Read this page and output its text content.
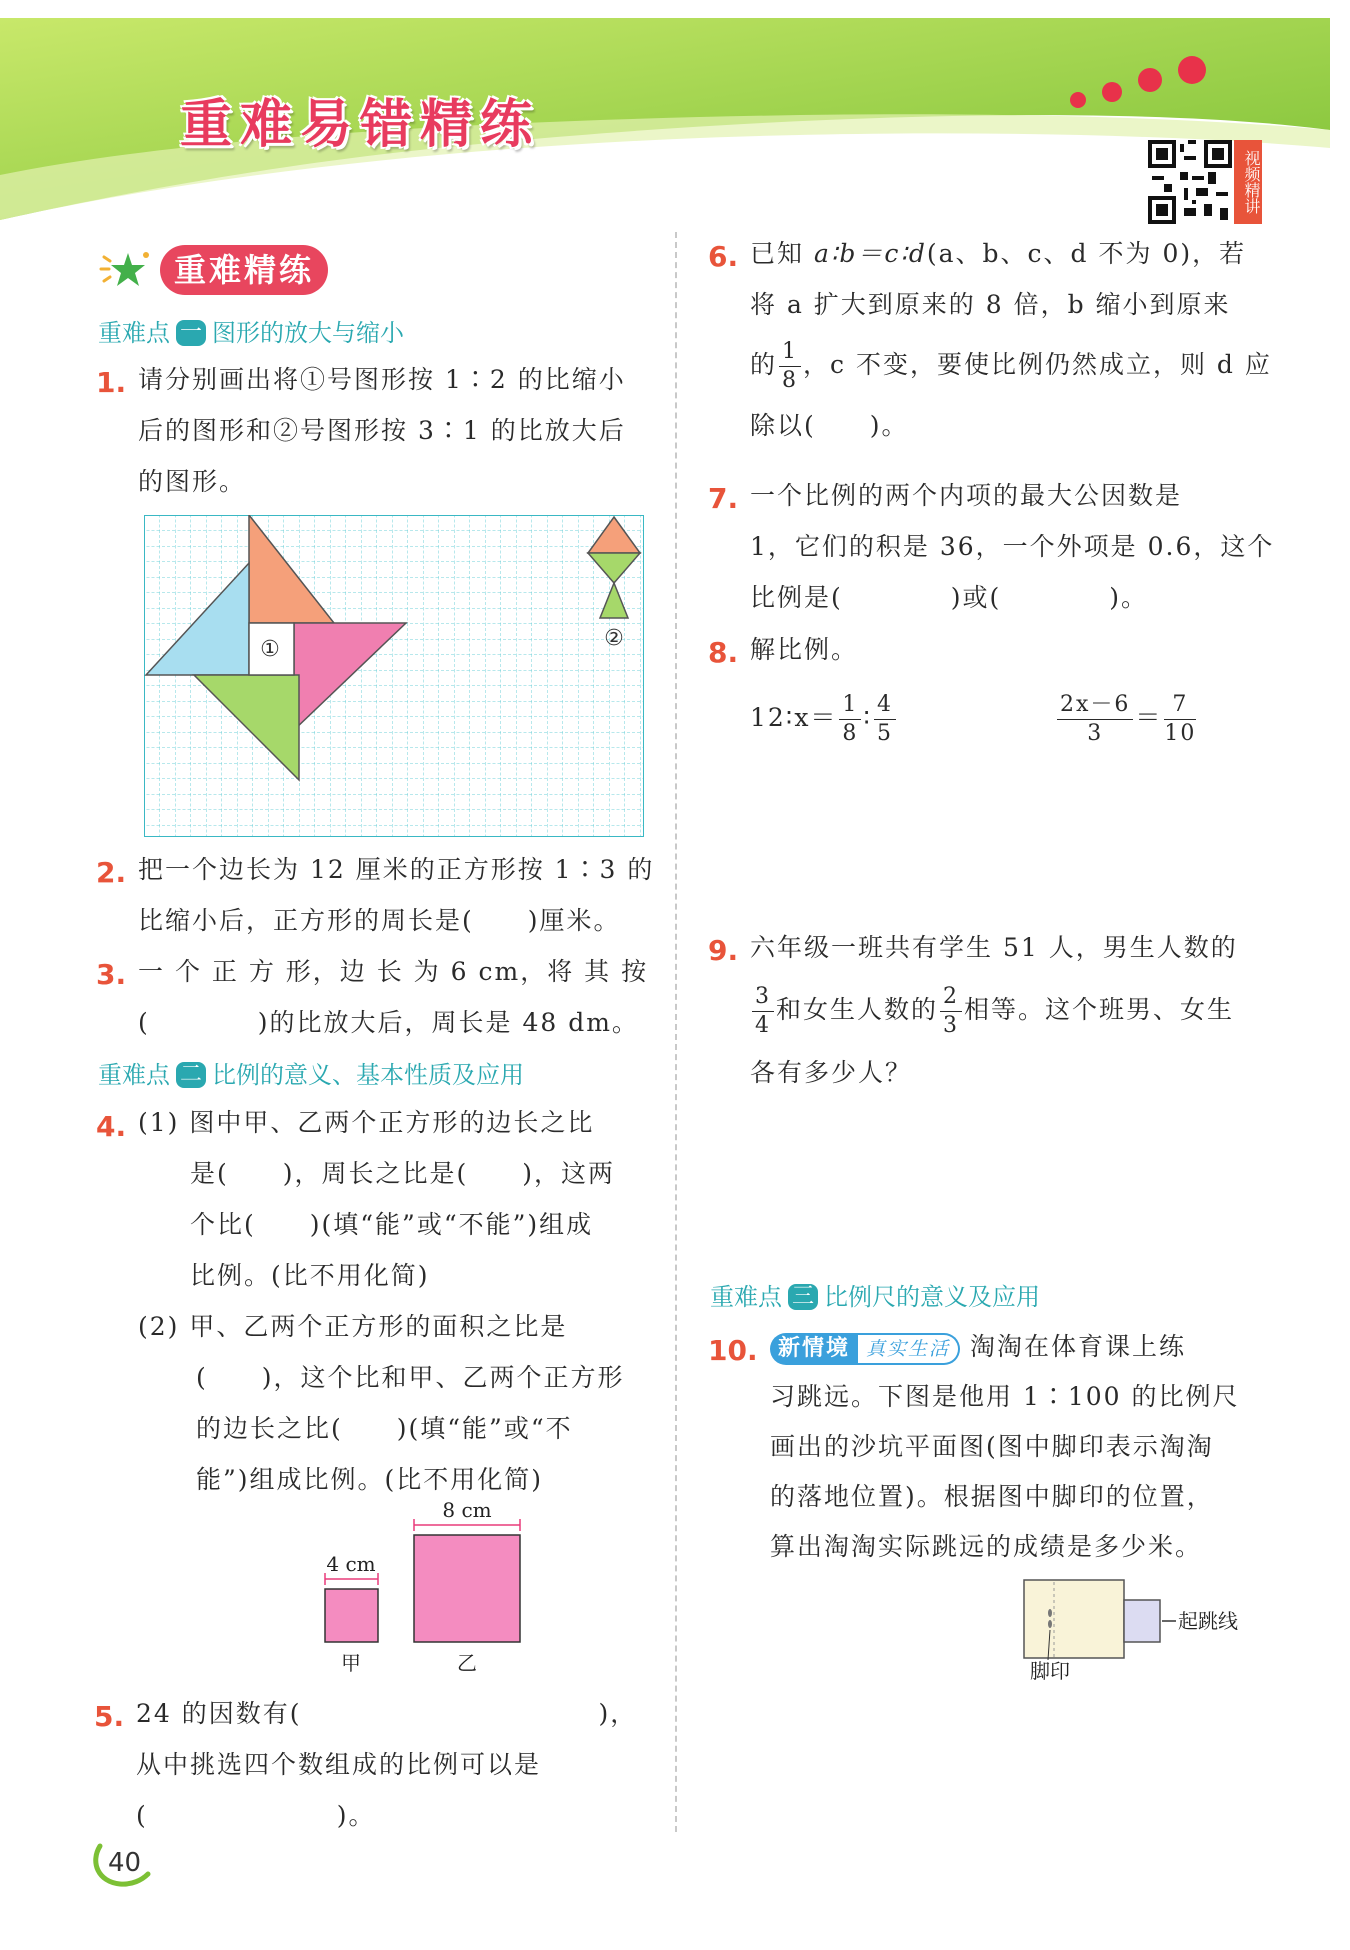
重难易错精练
视频精讲
重难精练
重难点 一 图形的放大与缩小
1. 请分别画出将①号图形按 1∶2 的比缩小
后的图形和②号图形按 3∶1 的比放大后
的图形。
①	②
2. 把一个边长为 12 厘米的正方形按 1∶3 的
比缩小后，正方形的周长是(　　)厘米。
3. 一 个 正 方 形，边 长 为 6 cm，将 其 按
(　　　　)的比放大后，周长是 48 dm。
重难点 二 比例的意义、基本性质及应用
4. (1) 图中甲、乙两个正方形的边长之比
是(　　)，周长之比是(　　)，这两
个比(　　)(填“能”或“不能”)组成
比例。(比不用化简)
(2) 甲、乙两个正方形的面积之比是
(　　)，这个比和甲、乙两个正方形
的边长之比(　　)(填“能”或“不
能”)组成比例。(比不用化简)
4 cm
甲
8 cm
乙
5. 24 的因数有(　　　　　　　　　　　)，
从中挑选四个数组成的比例可以是
(　　　　　　　)。
6. 已知 a∶b＝c∶d(a、b、c、d 不为 0)，若
将 a 扩大到原来的 8 倍，b 缩小到原来
的 $\frac{1}{8}$ ，c 不变，要使比例仍然成立，则 d 应
除以(　　)。
7. 一个比例的两个内项的最大公因数是
1，它们的积是 36，一个外项是 0.6，这个
比例是(　　　　)或(　　　　)。
8. 解比例。
12∶x＝ $\frac{1}{8}$ ∶ $\frac{4}{5}$	$\frac{2x-6}{3} = \frac{7}{10}$
9. 六年级一班共有学生 51 人，男生人数的
$\frac{3}{4}$ 和女生人数的 $\frac{2}{3}$ 相等。这个班男、女生
各有多少人？
重难点 三 比例尺的意义及应用
10. 新情境 真实生活 淘淘在体育课上练
习跳远。下图是他用 1∶100 的比例尺
画出的沙坑平面图(图中脚印表示淘淘
的落地位置)。根据图中脚印的位置，
算出淘淘实际跳远的成绩是多少米。
起跳线
脚印
40
